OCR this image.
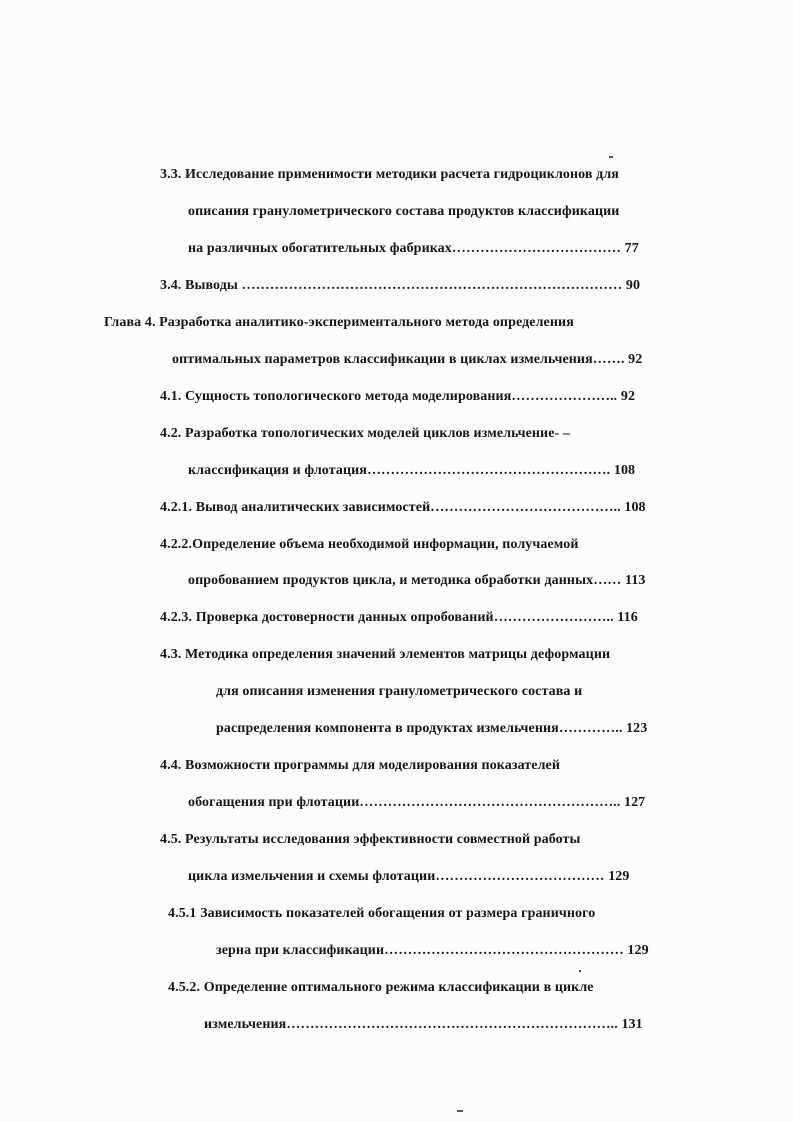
3.3. Исследование применимости методики расчета гидроциклонов для
описания гранулометрического состава продуктов классификации
на различных обогатительных фабриках……………………………… 77
3.4. Выводы ……………………………………………………………………… 90
Глава 4. Разработка аналитико-экспериментального метода определения
оптимальных параметров классификации в циклах измельчения……. 92
4.1. Сущность топологического метода моделирования………………….. 92
4.2. Разработка топологических моделей циклов измельчение- –
классификация и флотация……………………………………………. 108
4.2.1. Вывод аналитических зависимостей………………………………….. 108
4.2.2.Определение объема необходимой информации, получаемой
опробованием продуктов цикла, и методика обработки данных…… 113
4.2.3. Проверка достоверности данных опробований…………………….. 116
4.3. Методика определения значений элементов матрицы деформации
для описания изменения гранулометрического состава и
распределения компонента в продуктах измельчения………….. 123
4.4. Возможности программы для моделирования показателей
обогащения при флотации……………………………………………….. 127
4.5. Результаты исследования эффективности совместной работы
цикла измельчения и схемы флотации……………………………… 129
4.5.1 Зависимость показателей обогащения от размера граничного
зерна при классификации…………………………………………… 129
4.5.2. Определение оптимального режима классификации в цикле
измельчения…………………………………………………………….. 131
